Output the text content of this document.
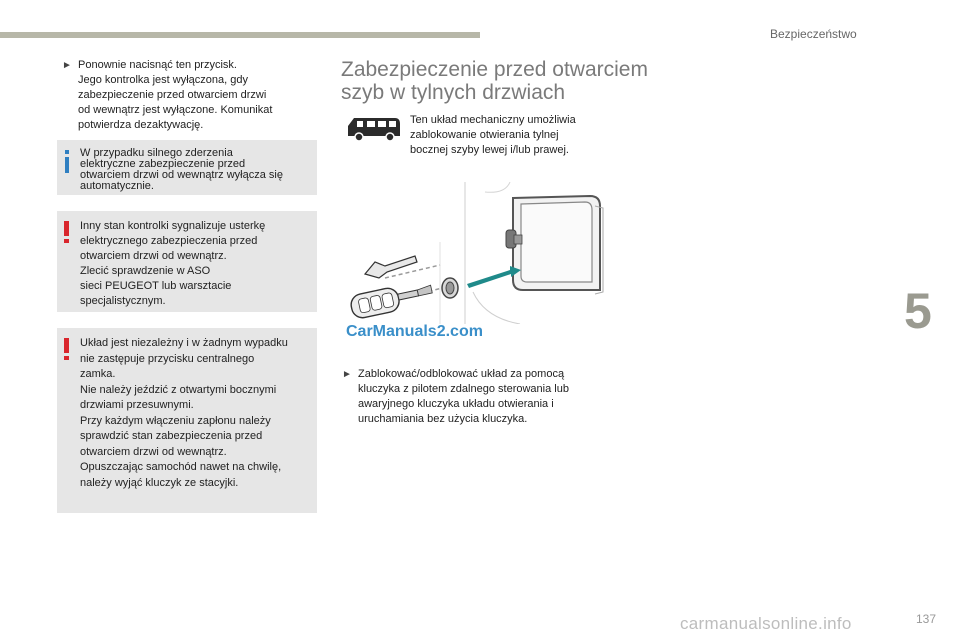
Bezpieczeństwo
5
► Ponownie nacisnąć ten przycisk.
Jego kontrolka jest wyłączona, gdy
zabezpieczenie przed otwarciem drzwi
od wewnątrz jest wyłączone. Komunikat
potwierdza dezaktywację.
W przypadku silnego zderzenia
elektryczne zabezpieczenie przed
otwarciem drzwi od wewnątrz wyłącza się
automatycznie.
Inny stan kontrolki sygnalizuje usterkę
elektrycznego zabezpieczenia przed
otwarciem drzwi od wewnątrz.
Zlecić sprawdzenie w ASO
sieci PEUGEOT lub warsztacie
specjalistycznym.
Układ jest niezależny i w żadnym wypadku
nie zastępuje przycisku centralnego
zamka.
Nie należy jeździć z otwartymi bocznymi
drzwiami przesuwnymi.
Przy każdym włączeniu zapłonu należy
sprawdzić stan zabezpieczenia przed
otwarciem drzwi od wewnątrz.
Opuszczając samochód nawet na chwilę,
należy wyjąć kluczyk ze stacyjki.
Zabezpieczenie przed otwarciem
szyb w tylnych drzwiach
Ten układ mechaniczny umożliwia
zablokowanie otwierania tylnej
bocznej szyby lewej i/lub prawej.
CarManuals2.com
► Zablokować/odblokować układ za pomocą
kluczyka z pilotem zdalnego sterowania lub
awaryjnego kluczyka układu otwierania i
uruchamiania bez użycia kluczyka.
carmanualsonline.info	137
